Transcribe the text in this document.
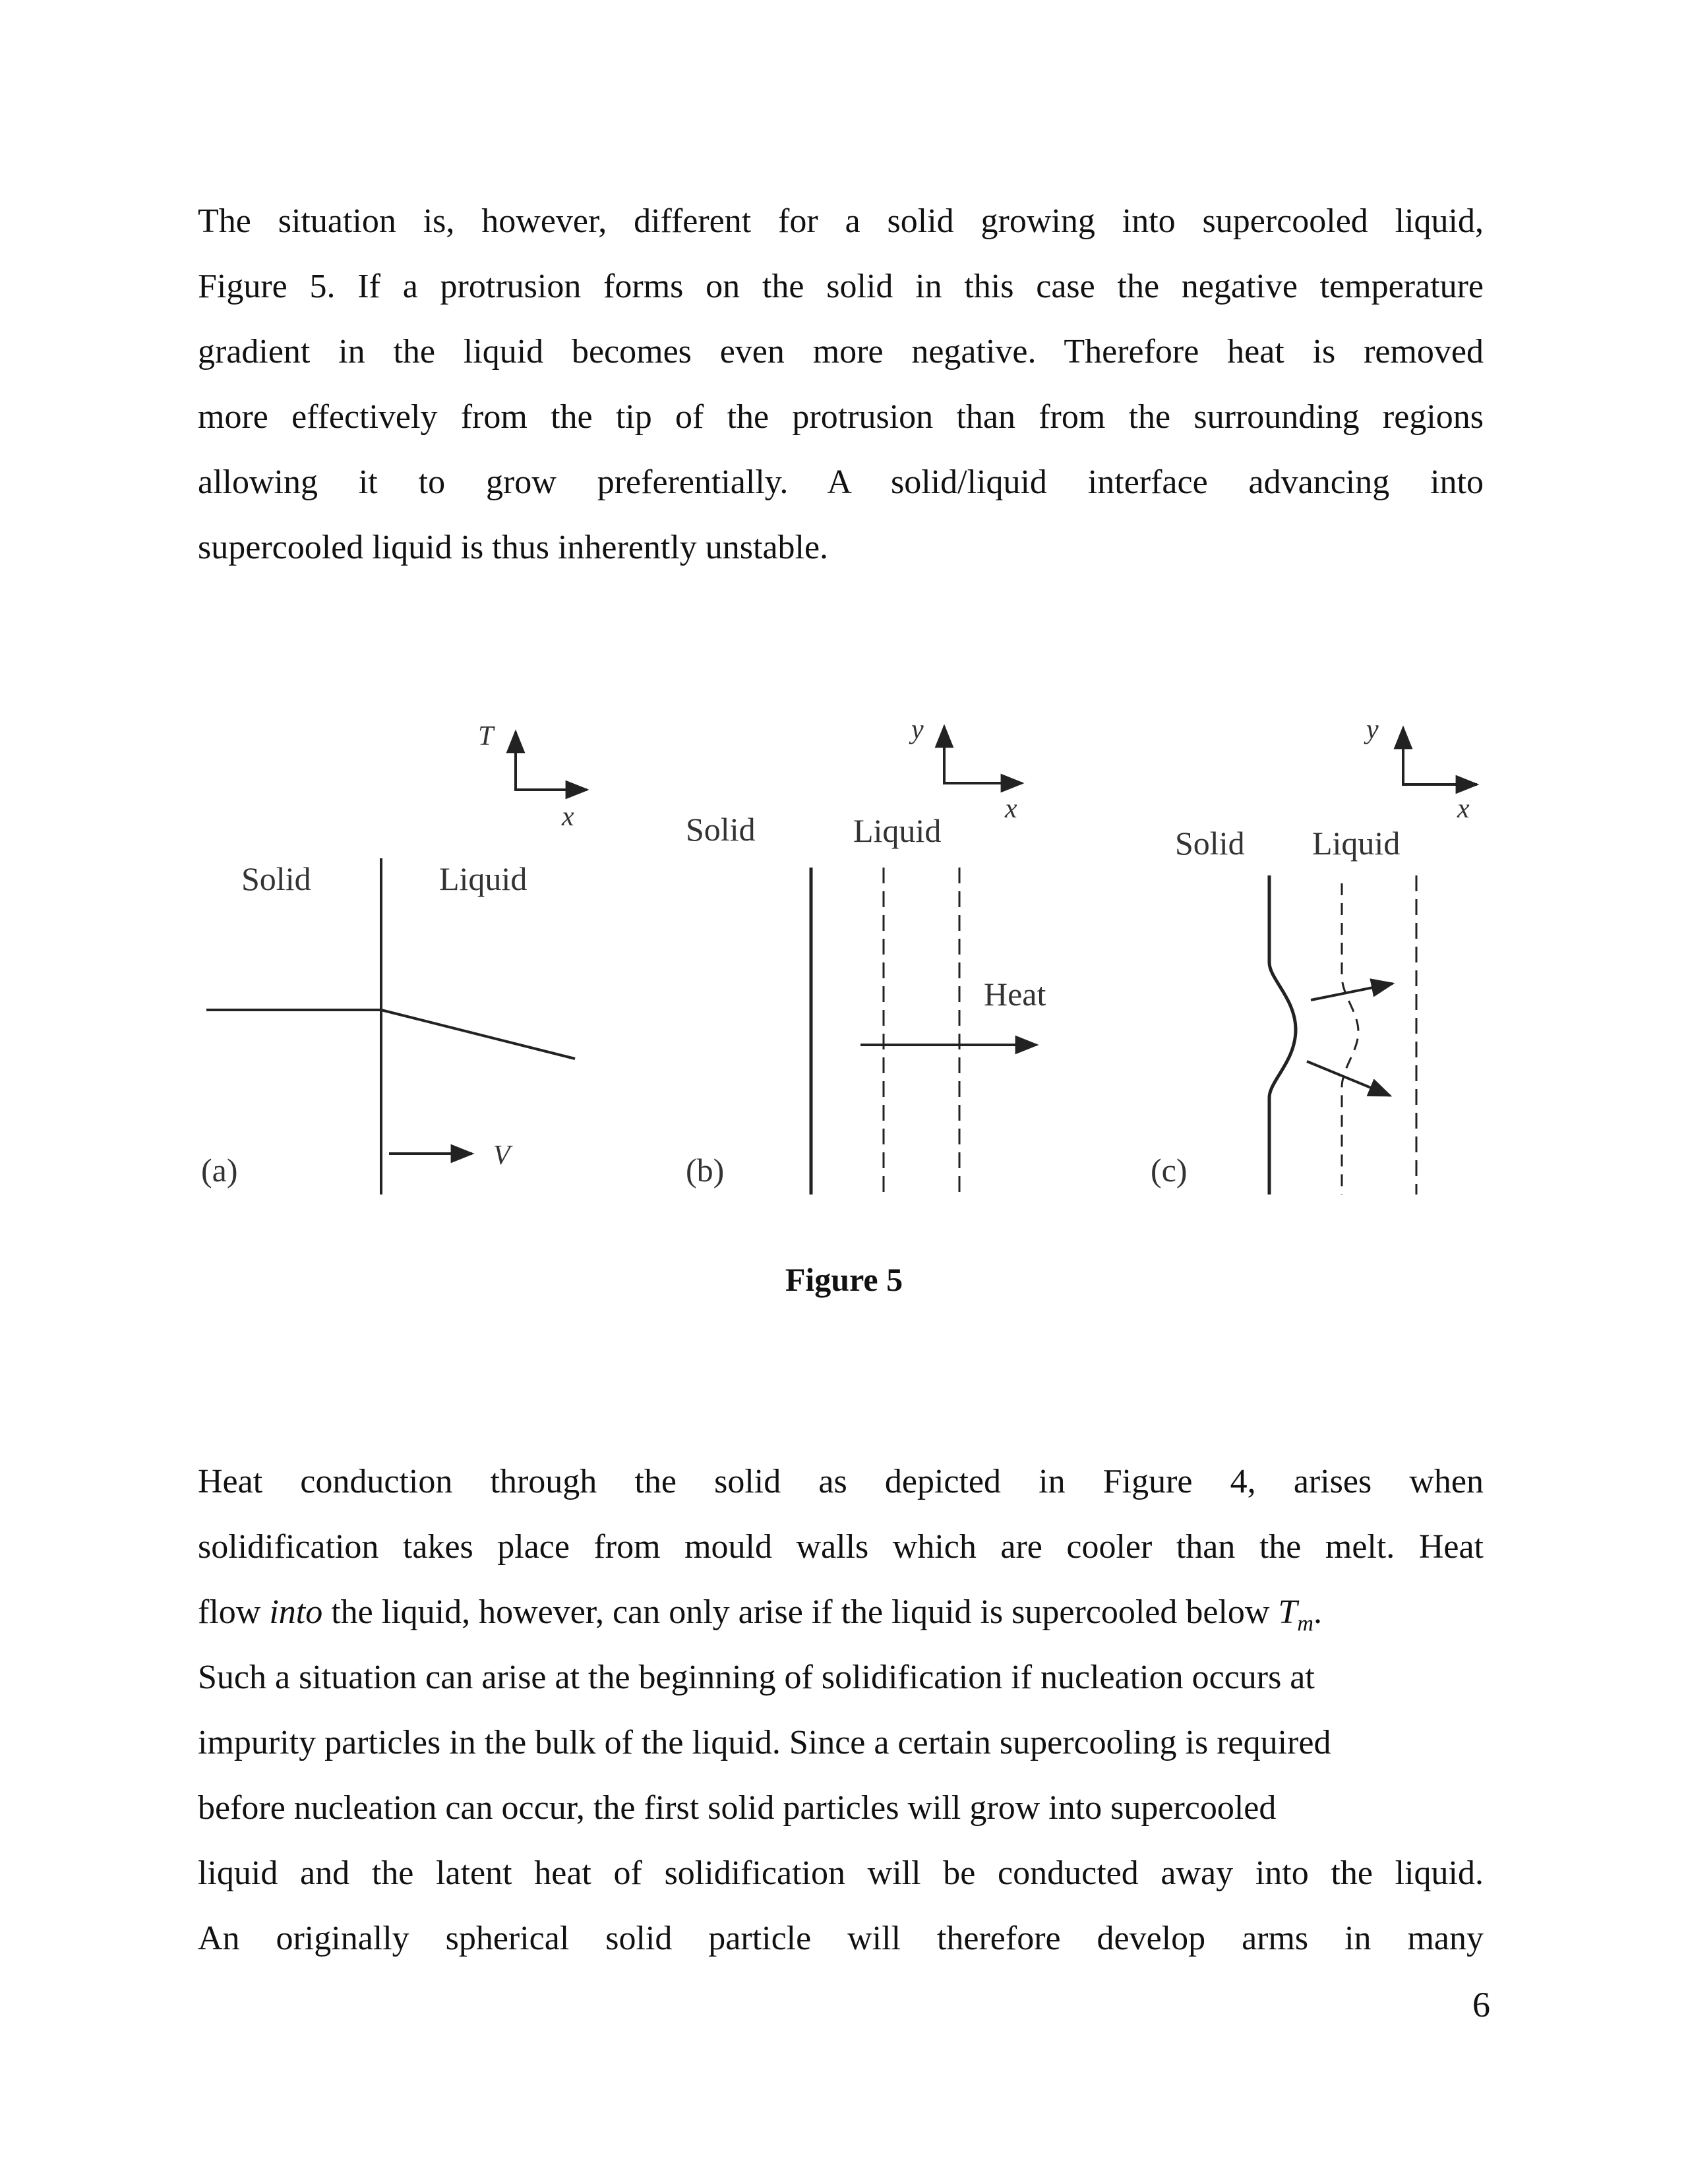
The situation is, however, different for a solid growing into supercooled liquid,
Figure 5. If a protrusion forms on the solid in this case the negative temperature
gradient in the liquid becomes even more negative. Therefore heat is removed
more effectively from the tip of the protrusion than from the surrounding regions
allowing it to grow preferentially. A solid/liquid interface advancing into
supercooled liquid is thus inherently unstable.
T
x
Solid	Liquid
V
(a)
y
x
Solid	Liquid
Heat
(b)
y
x
Solid Liquid
(c)
Figure 5
Heat conduction through the solid as depicted in Figure 4, arises when
solidification takes place from mould walls which are cooler than the melt. Heat
flow into the liquid, however, can only arise if the liquid is supercooled below $T_m$.
Such a situation can arise at the beginning of solidification if nucleation occurs at
impurity particles in the bulk of the liquid. Since a certain supercooling is required
before nucleation can occur, the first solid particles will grow into supercooled
liquid and the latent heat of solidification will be conducted away into the liquid.
An originally spherical solid particle will therefore develop arms in many
6
